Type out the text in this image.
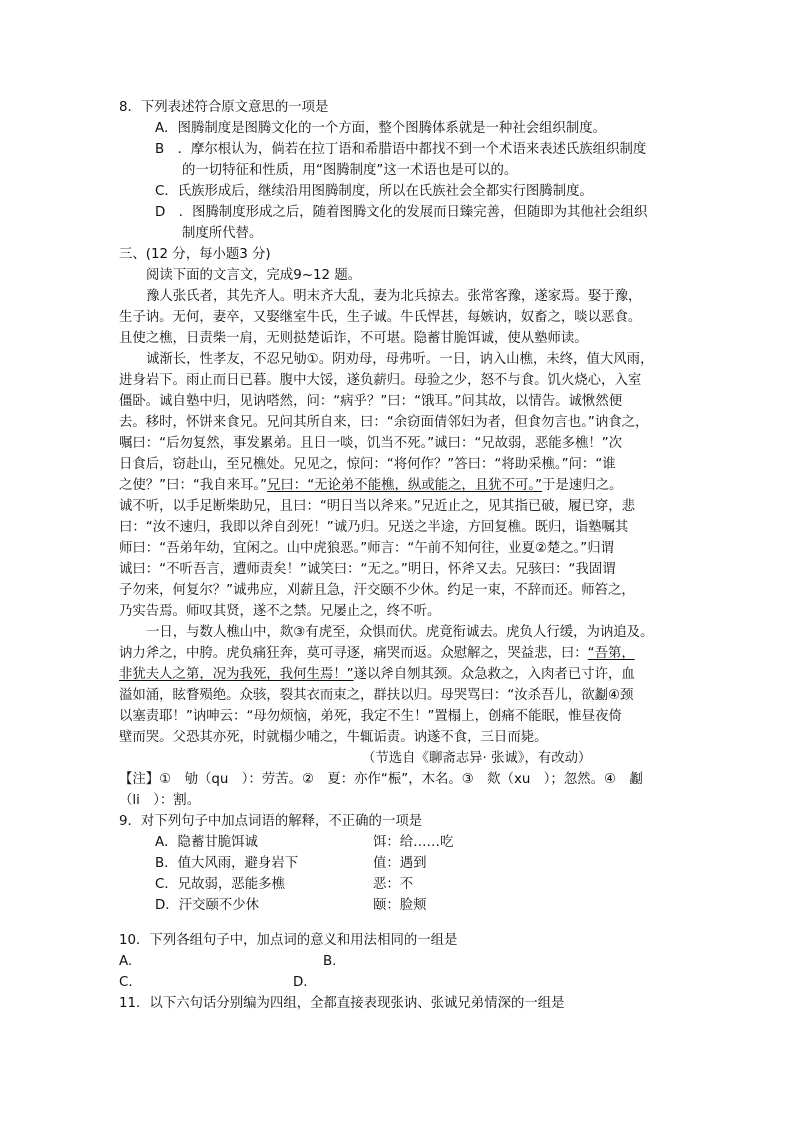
8．下列表述符合原文意思的一项是
A．图腾制度是图腾文化的一个方面，整个图腾体系就是一种社会组织制度。
B　．摩尔根认为，倘若在拉丁语和希腊语中都找不到一个术语来表述氏族组织制度
的一切特征和性质，用“图腾制度”这一术语也是可以的。
C．氏族形成后，继续沿用图腾制度，所以在氏族社会全都实行图腾制度。
D　．图腾制度形成之后，随着图腾文化的发展而日臻完善，但随即为其他社会组织
制度所代替。
三、(12 分，每小题3 分)
阅读下面的文言文，完成9~12 题。
豫人张氏者，其先齐人。明末齐大乱，妻为北兵掠去。张常客豫，遂家焉。娶于豫，
生子讷。无何，妻卒，又娶继室牛氏，生子诚。牛氏悍甚，每嫉讷，奴畜之，啖以恶食。
且使之樵，日责柴一肩，无则挞楚诟诈，不可堪。隐蓄甘脆饵诚，使从塾师读。
诚渐长，性孝友，不忍兄劬①。阴劝母，母弗听。一日，讷入山樵，未终，值大风雨，
进身岩下。雨止而日已暮。腹中大馁，遂负薪归。母验之少，怒不与食。饥火烧心，入室
僵卧。诚自塾中归，见讷嗒然，问：“病乎？”曰：“饿耳。”问其故，以情告。诚愀然便
去。移时，怀饼来食兄。兄问其所自来，曰：“余窃面倩邻妇为者，但食勿言也。”讷食之，
嘱曰：“后勿复然，事发累弟。且日一啖，饥当不死。”诚曰：“兄故弱，恶能多樵！”次
日食后，窃赴山，至兄樵处。兄见之，惊问：“将何作？”答曰：“将助采樵。”问：“谁
之使？”曰：“我自来耳。”兄曰：“无论弟不能樵，纵或能之，且犹不可。”于是速归之。
诚不听，以手足断柴助兄，且曰：“明日当以斧来。”兄近止之，见其指已破，履已穿，悲
曰：“汝不速归，我即以斧自刭死！”诚乃归。兄送之半途，方回复樵。既归，诣塾嘱其
师曰：“吾弟年幼，宜闲之。山中虎狼恶。”师言：“午前不知何往，业夏②楚之。”归谓
诚曰：“不听吾言，遭师责矣！”诚笑曰：“无之。”明日，怀斧又去。兄骇曰：“我固谓
子勿来，何复尔？”诚弗应，刈薪且急，汗交颐不少休。约足一束，不辞而还。师笞之，
乃实告焉。师叹其贤，遂不之禁。兄屡止之，终不听。
一日，与数人樵山中，欻③有虎至，众惧而伏。虎竟衔诚去。虎负人行缓，为讷追及。
讷力斧之，中胯。虎负痛狂奔，莫可寻逐，痛哭而返。众慰解之，哭益悲，曰：“吾第，
非犹夫人之第，况为我死，我何生焉！”遂以斧自刎其颈。众急救之，入肉者已寸许，血
溢如涌，眩瞀殒绝。众骇，裂其衣而束之，群扶以归。母哭骂曰：“汝杀吾儿，欲劙④颈
以塞责耶！”讷呻云：“母勿烦恼，弟死，我定不生！”置榻上，创痛不能眠，惟昼夜倚
壁而哭。父恐其亦死，时就榻少哺之，牛辄诟责。讷遂不食，三日而毙。
（节选自《聊斋志异· 张诚》，有改动）
【注】①　劬（qu　）：劳苦。②　夏：亦作“桭”，木名。③　欻（xu　）；忽然。④　劙
（li　）：割。
9．对下列句子中加点词语的解释，不正确的一项是
A．隐蓄甘脆饵诚	饵：给……吃
B．值大风雨，避身岩下	值：遇到
C．兄故弱，恶能多樵	恶：不
D．汗交颐不少休	颐：脸颊
10．下列各组句子中，加点词的意义和用法相同的一组是
A.	B.
C.	D.
11．以下六句话分别编为四组，全都直接表现张讷、张诚兄弟情深的一组是
